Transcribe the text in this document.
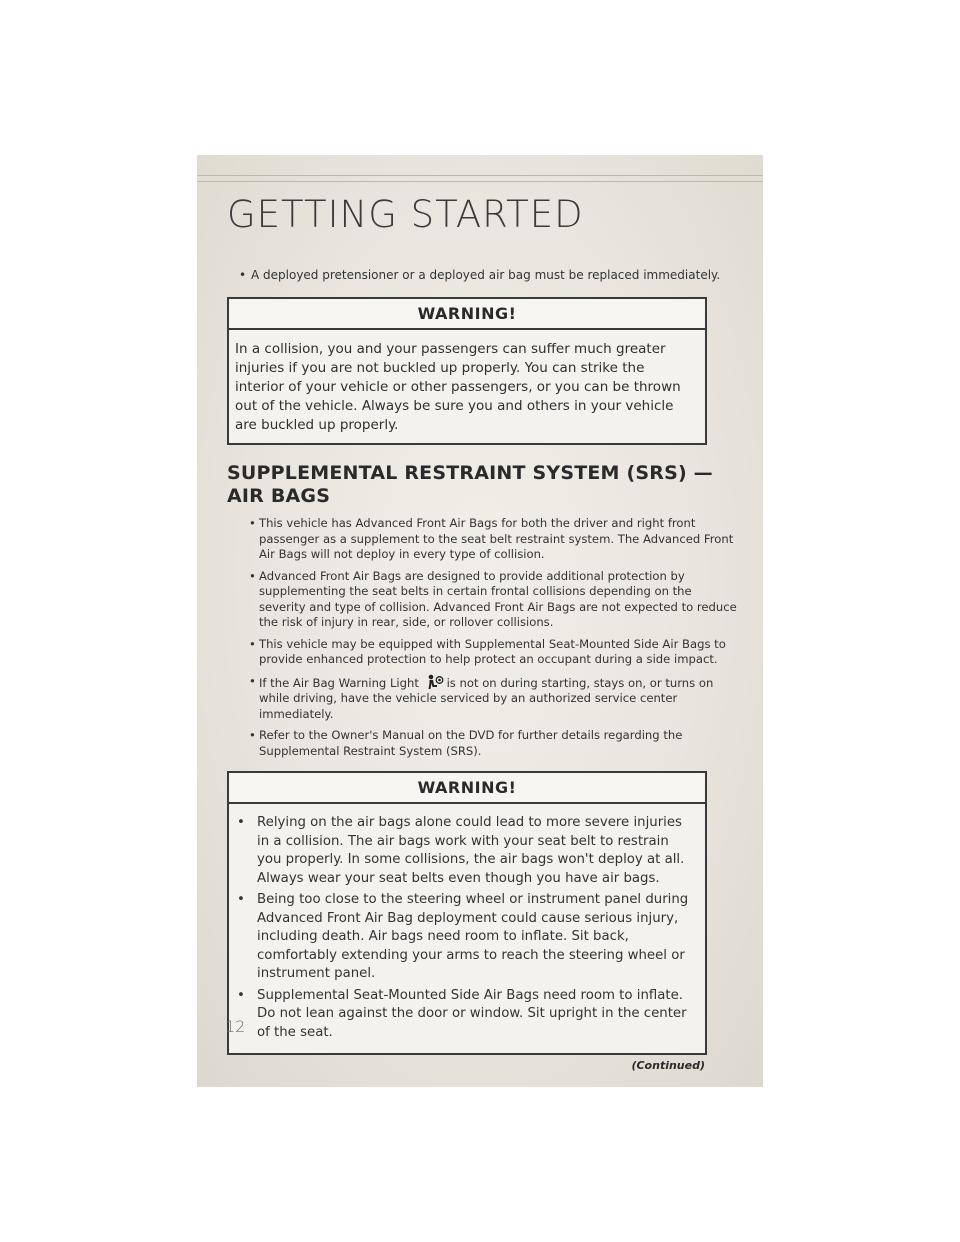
GETTING STARTED
• A deployed pretensioner or a deployed air bag must be replaced immediately.
WARNING!
In a collision, you and your passengers can suffer much greater injuries if you are not buckled up properly. You can strike the interior of your vehicle or other passengers, or you can be thrown out of the vehicle. Always be sure you and others in your vehicle are buckled up properly.
SUPPLEMENTAL RESTRAINT SYSTEM (SRS) — AIR BAGS
• This vehicle has Advanced Front Air Bags for both the driver and right front passenger as a supplement to the seat belt restraint system. The Advanced Front Air Bags will not deploy in every type of collision.
• Advanced Front Air Bags are designed to provide additional protection by supplementing the seat belts in certain frontal collisions depending on the severity and type of collision. Advanced Front Air Bags are not expected to reduce the risk of injury in rear, side, or rollover collisions.
• This vehicle may be equipped with Supplemental Seat-Mounted Side Air Bags to provide enhanced protection to help protect an occupant during a side impact.
• If the Air Bag Warning Light is not on during starting, stays on, or turns on while driving, have the vehicle serviced by an authorized service center immediately.
• Refer to the Owner's Manual on the DVD for further details regarding the Supplemental Restraint System (SRS).
WARNING!
• Relying on the air bags alone could lead to more severe injuries in a collision. The air bags work with your seat belt to restrain you properly. In some collisions, the air bags won't deploy at all. Always wear your seat belts even though you have air bags.
• Being too close to the steering wheel or instrument panel during Advanced Front Air Bag deployment could cause serious injury, including death. Air bags need room to inflate. Sit back, comfortably extending your arms to reach the steering wheel or instrument panel.
• Supplemental Seat-Mounted Side Air Bags need room to inflate. Do not lean against the door or window. Sit upright in the center of the seat.
(Continued)
12
